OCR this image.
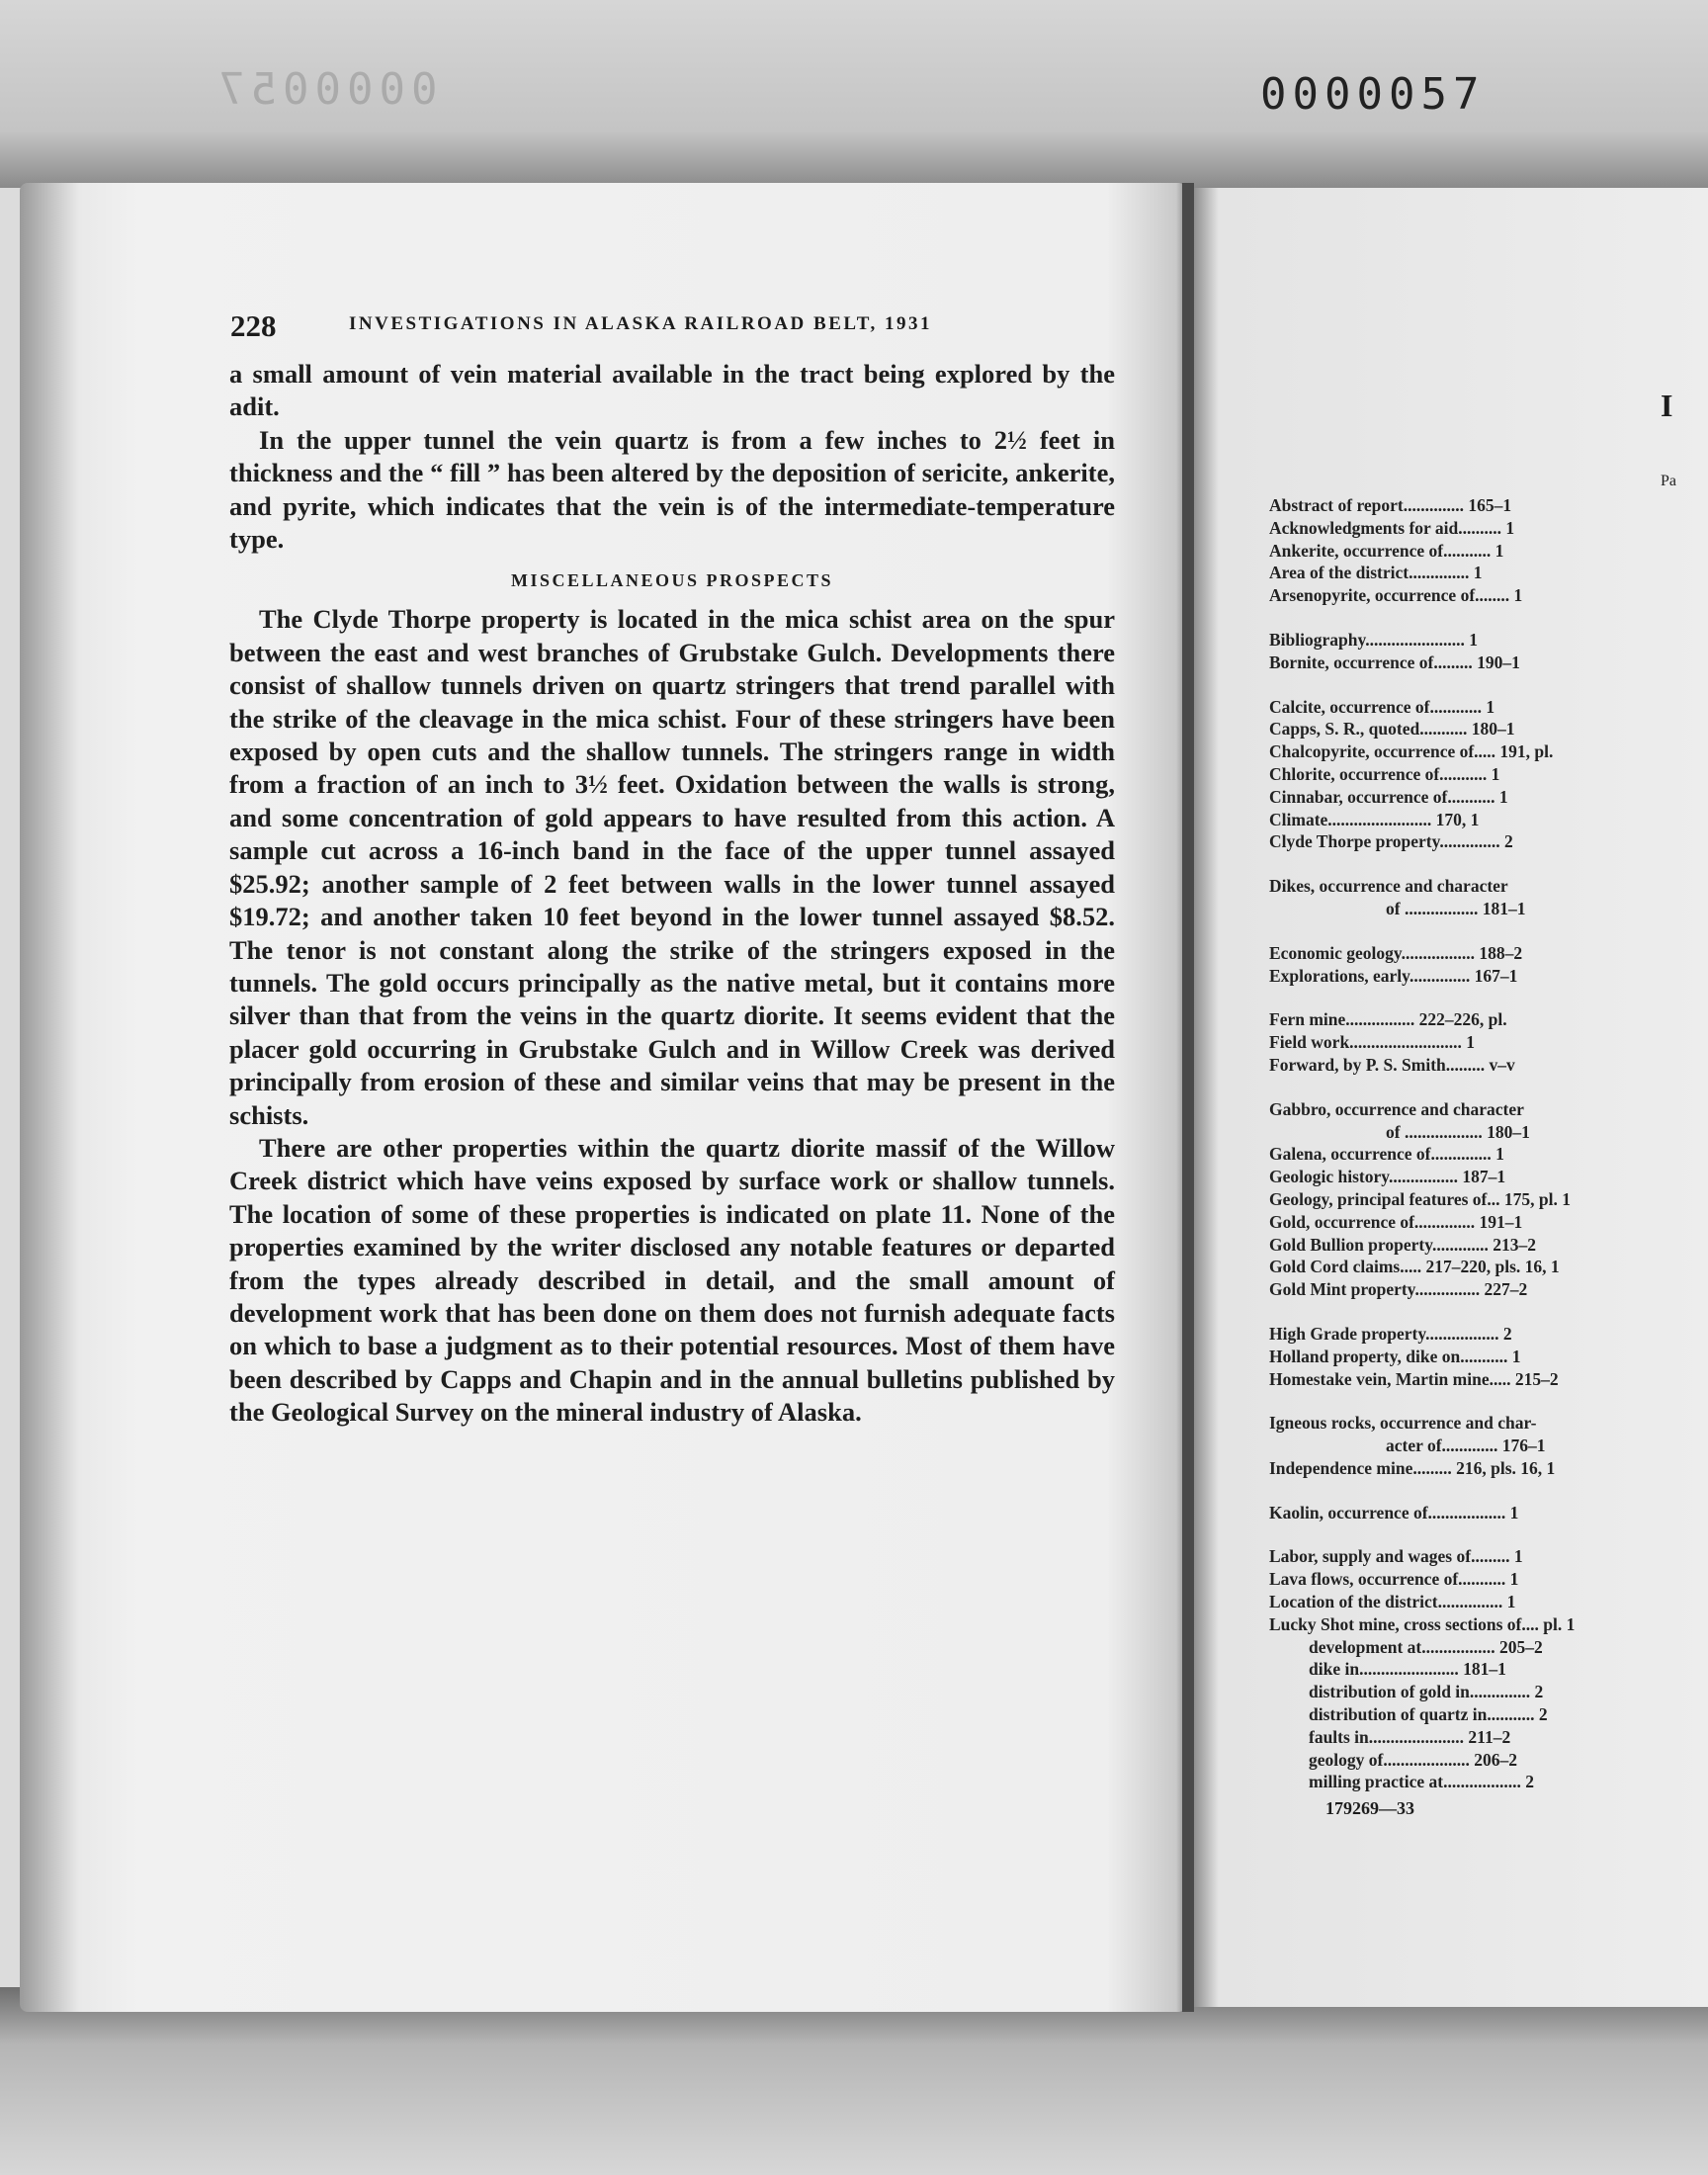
0000057	0000057
228	INVESTIGATIONS IN ALASKA RAILROAD BELT, 1931

a small amount of vein material available in the tract being explored by the adit.

In the upper tunnel the vein quartz is from a few inches to 2½ feet in thickness and the “ fill ” has been altered by the deposition of sericite, ankerite, and pyrite, which indicates that the vein is of the intermediate-temperature type.

MISCELLANEOUS PROSPECTS

The Clyde Thorpe property is located in the mica schist area on the spur between the east and west branches of Grubstake Gulch. Developments there consist of shallow tunnels driven on quartz stringers that trend parallel with the strike of the cleavage in the mica schist. Four of these stringers have been exposed by open cuts and the shallow tunnels. The stringers range in width from a fraction of an inch to 3½ feet. Oxidation between the walls is strong, and some concentration of gold appears to have resulted from this action. A sample cut across a 16-inch band in the face of the upper tunnel assayed $25.92; another sample of 2 feet between walls in the lower tunnel assayed $19.72; and another taken 10 feet beyond in the lower tunnel assayed $8.52. The tenor is not constant along the strike of the stringers exposed in the tunnels. The gold occurs principally as the native metal, but it contains more silver than that from the veins in the quartz diorite. It seems evident that the placer gold occurring in Grubstake Gulch and in Willow Creek was derived principally from erosion of these and similar veins that may be present in the schists.

There are other properties within the quartz diorite massif of the Willow Creek district which have veins exposed by surface work or shallow tunnels. The location of some of these properties is indicated on plate 11. None of the properties examined by the writer disclosed any notable features or departed from the types already described in detail, and the small amount of development work that has been done on them does not furnish adequate facts on which to base a judgment as to their potential resources. Most of them have been described by Capps and Chapin and in the annual bulletins published by the Geological Survey on the mineral industry of Alaska.

I
Pa
Abstract of report.............. 165–1
Acknowledgments for aid.......... 1
Ankerite, occurrence of........... 1
Area of the district.............. 1
Arsenopyrite, occurrence of........ 1
Bibliography....................... 1
Bornite, occurrence of......... 190–1
Calcite, occurrence of............ 1
Capps, S. R., quoted........... 180–1
Chalcopyrite, occurrence of..... 191, pl.
Chlorite, occurrence of........... 1
Cinnabar, occurrence of........... 1
Climate........................ 170, 1
Clyde Thorpe property.............. 2
Dikes, occurrence and character
of ................. 181–1
Economic geology................. 188–2
Explorations, early.............. 167–1
Fern mine................ 222–226, pl.
Field work.......................... 1
Forward, by P. S. Smith......... v–v
Gabbro, occurrence and character
of .................. 180–1
Galena, occurrence of.............. 1
Geologic history................ 187–1
Geology, principal features of... 175, pl. 1
Gold, occurrence of.............. 191–1
Gold Bullion property............. 213–2
Gold Cord claims..... 217–220, pls. 16, 1
Gold Mint property............... 227–2
High Grade property................. 2
Holland property, dike on........... 1
Homestake vein, Martin mine..... 215–2
Igneous rocks, occurrence and char-
acter of............. 176–1
Independence mine......... 216, pls. 16, 1
Kaolin, occurrence of.................. 1
Labor, supply and wages of......... 1
Lava flows, occurrence of........... 1
Location of the district............... 1
Lucky Shot mine, cross sections of.... pl. 1
development at................. 205–2
dike in....................... 181–1
distribution of gold in.............. 2
distribution of quartz in........... 2
faults in...................... 211–2
geology of.................... 206–2
milling practice at.................. 2
179269—33
